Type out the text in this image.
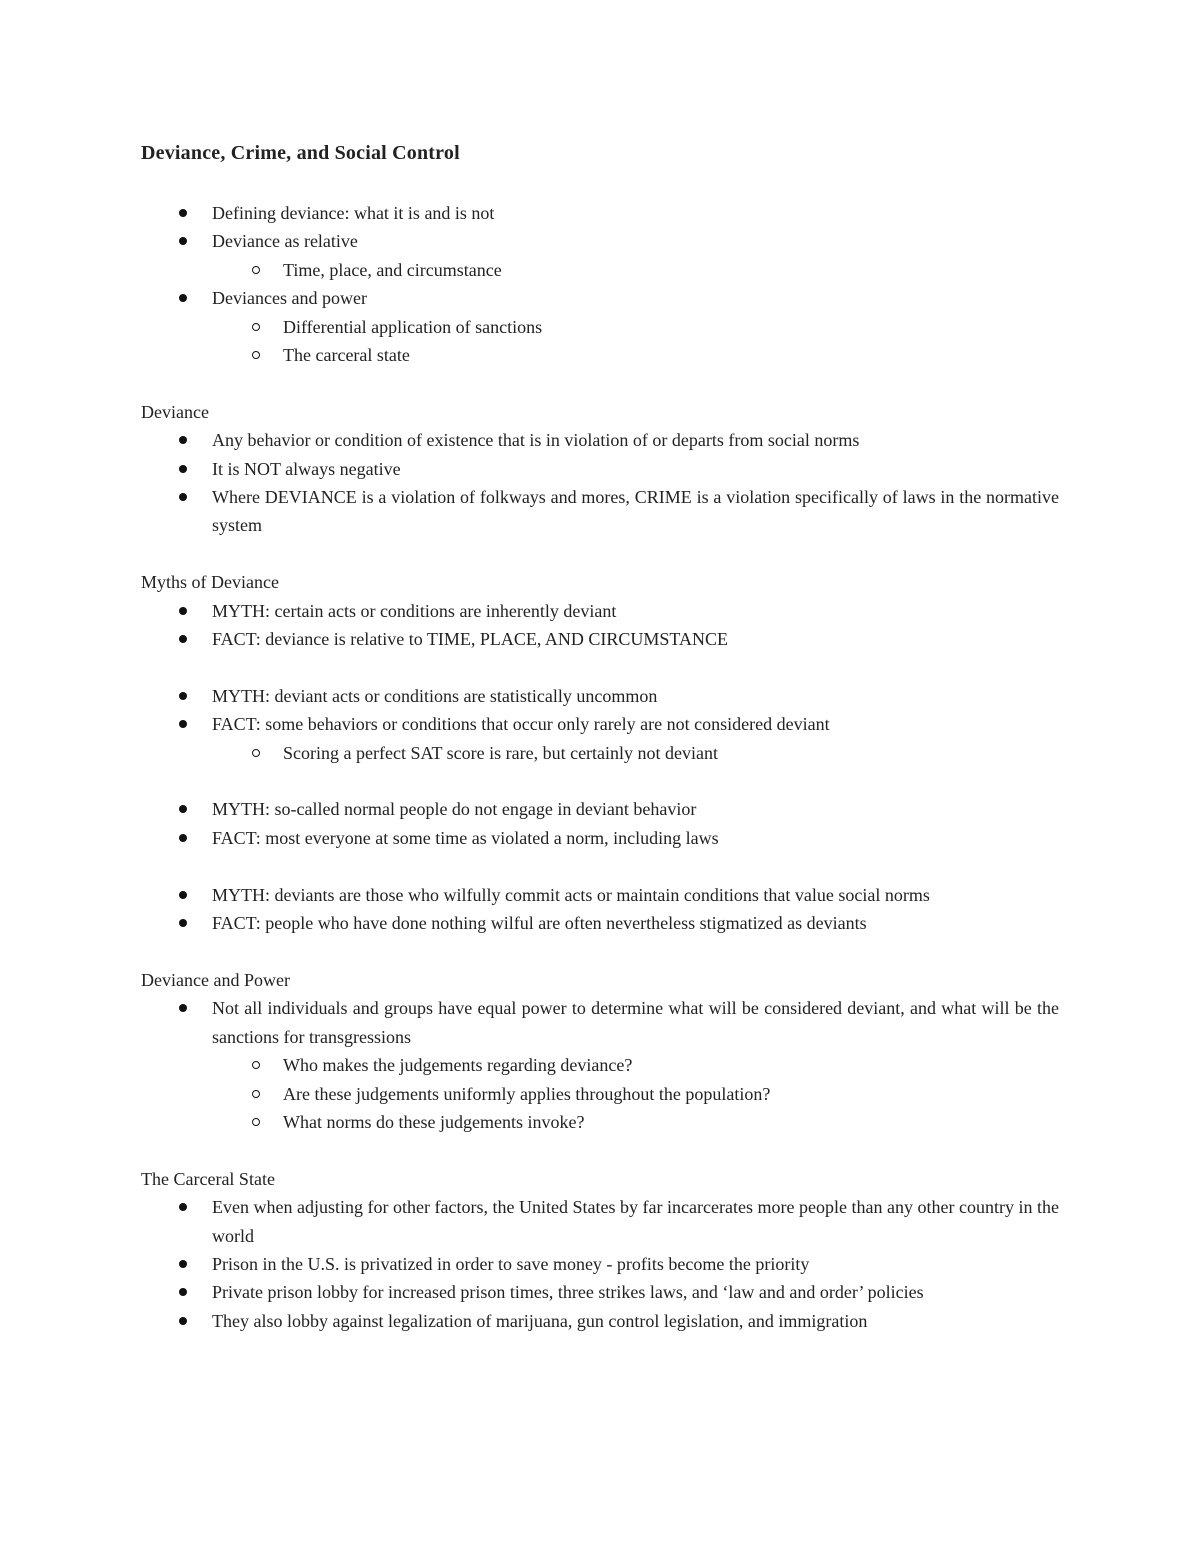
Deviance, Crime, and Social Control
Defining deviance: what it is and is not
Deviance as relative
Time, place, and circumstance
Deviances and power
Differential application of sanctions
The carceral state
Deviance
Any behavior or condition of existence that is in violation of or departs from social norms
It is NOT always negative
Where DEVIANCE is a violation of folkways and mores, CRIME is a violation specifically of laws in the normative system
Myths of Deviance
MYTH: certain acts or conditions are inherently deviant
FACT: deviance is relative to TIME, PLACE, AND CIRCUMSTANCE
MYTH: deviant acts or conditions are statistically uncommon
FACT: some behaviors or conditions that occur only rarely are not considered deviant
Scoring a perfect SAT score is rare, but certainly not deviant
MYTH: so-called normal people do not engage in deviant behavior
FACT: most everyone at some time as violated a norm, including laws
MYTH: deviants are those who wilfully commit acts or maintain conditions that value social norms
FACT: people who have done nothing wilful are often nevertheless stigmatized as deviants
Deviance and Power
Not all individuals and groups have equal power to determine what will be considered deviant, and what will be the sanctions for transgressions
Who makes the judgements regarding deviance?
Are these judgements uniformly applies throughout the population?
What norms do these judgements invoke?
The Carceral State
Even when adjusting for other factors, the United States by far incarcerates more people than any other country in the world
Prison in the U.S. is privatized in order to save money - profits become the priority
Private prison lobby for increased prison times, three strikes laws, and ‘law and and order’ policies
They also lobby against legalization of marijuana, gun control legislation, and immigration
